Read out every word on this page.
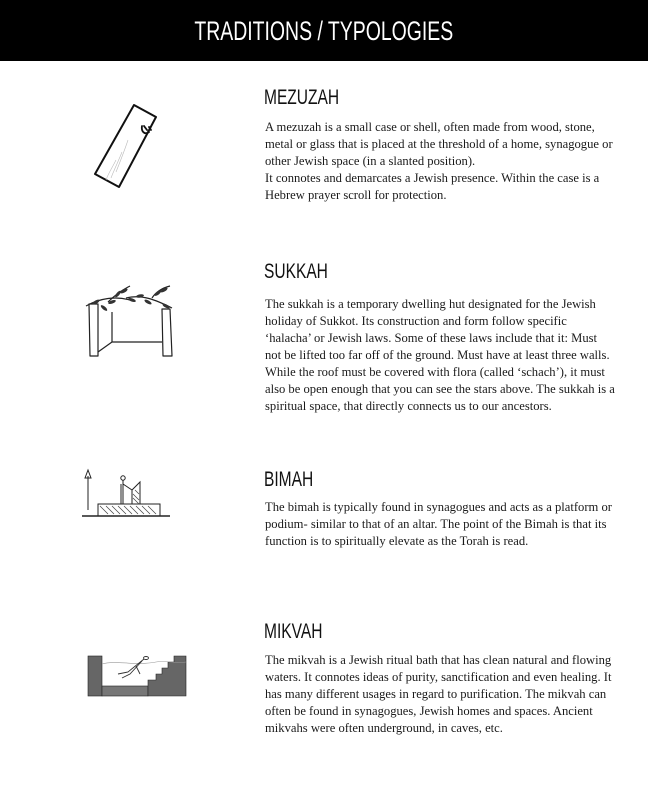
TRADITIONS / TYPOLOGIES
MEZUZAH

A mezuzah is a small case or shell, often made from wood, stone, metal or glass that is placed at the threshold of a home, synagogue or other Jewish space (in a slanted position).

It connotes and demarcates a Jewish presence. Within the case is a Hebrew prayer scroll for protection.

SUKKAH

The sukkah is a temporary dwelling hut designated for the Jewish holiday of Sukkot. Its construction and form follow specific ‘halacha’ or Jewish laws. Some of these laws include that it: Must not be lifted too far off of the ground. Must have at least three walls. While the roof must be covered with flora (called ‘schach’), it must also be open enough that you can see the stars above. The sukkah is a spiritual space, that directly connects us to our ancestors.

BIMAH

The bimah is typically found in synagogues and acts as a platform or podium- similar to that of an altar. The point of the Bimah is that its function is to spiritually elevate as the Torah is read.

MIKVAH

The mikvah is a Jewish ritual bath that has clean natural and flowing waters. It connotes ideas of purity, sanctification and even healing. It has many different usages in regard to purification. The mikvah can often be found in synagogues, Jewish homes and spaces. Ancient mikvahs were often underground, in caves, etc.
